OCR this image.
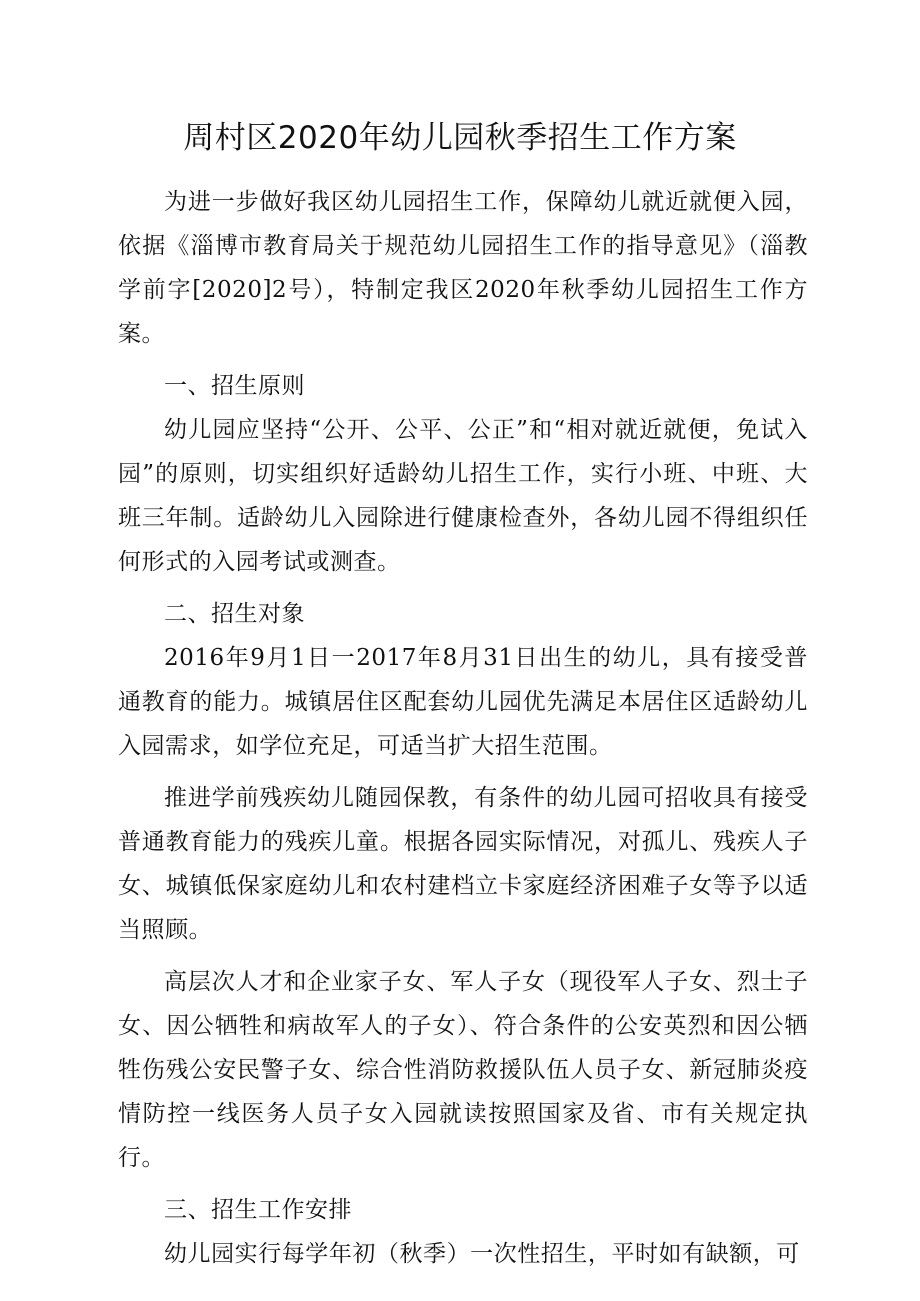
周村区2020年幼儿园秋季招生工作方案

为进一步做好我区幼儿园招生工作，保障幼儿就近就便入园，依据《淄博市教育局关于规范幼儿园招生工作的指导意见》（淄教学前字[2020]2号），特制定我区2020年秋季幼儿园招生工作方案。

一、招生原则

幼儿园应坚持“公开、公平、公正”和“相对就近就便，免试入园”的原则，切实组织好适龄幼儿招生工作，实行小班、中班、大班三年制。适龄幼儿入园除进行健康检查外，各幼儿园不得组织任何形式的入园考试或测查。

二、招生对象

2016年9月1日一2017年8月31日出生的幼儿，具有接受普通教育的能力。城镇居住区配套幼儿园优先满足本居住区适龄幼儿入园需求，如学位充足，可适当扩大招生范围。

推进学前残疾幼儿随园保教，有条件的幼儿园可招收具有接受普通教育能力的残疾儿童。根据各园实际情况，对孤儿、残疾人子女、城镇低保家庭幼儿和农村建档立卡家庭经济困难子女等予以适当照顾。

高层次人才和企业家子女、军人子女（现役军人子女、烈士子女、因公牺牲和病故军人的子女）、符合条件的公安英烈和因公牺牲伤残公安民警子女、综合性消防救援队伍人员子女、新冠肺炎疫情防控一线医务人员子女入园就读按照国家及省、市有关规定执行。

三、招生工作安排

幼儿园实行每学年初（秋季）一次性招生，平时如有缺额，可
